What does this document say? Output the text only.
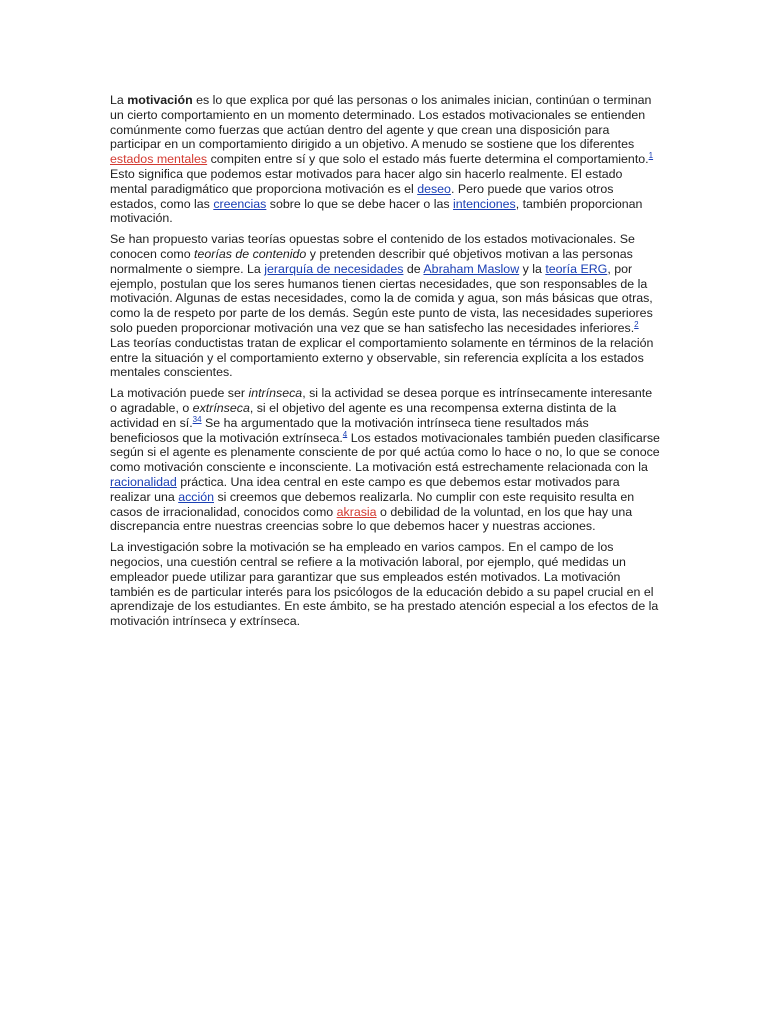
La motivación es lo que explica por qué las personas o los animales inician, continúan o terminan un cierto comportamiento en un momento determinado. Los estados motivacionales se entienden comúnmente como fuerzas que actúan dentro del agente y que crean una disposición para participar en un comportamiento dirigido a un objetivo. A menudo se sostiene que los diferentes estados mentales compiten entre sí y que solo el estado más fuerte determina el comportamiento.$^1$ Esto significa que podemos estar motivados para hacer algo sin hacerlo realmente. El estado mental paradigmático que proporciona motivación es el deseo. Pero puede que varios otros estados, como las creencias sobre lo que se debe hacer o las intenciones, también proporcionan motivación.

Se han propuesto varias teorías opuestas sobre el contenido de los estados motivacionales. Se conocen como teorías de contenido y pretenden describir qué objetivos motivan a las personas normalmente o siempre. La jerarquía de necesidades de Abraham Maslow y la teoría ERG, por ejemplo, postulan que los seres humanos tienen ciertas necesidades, que son responsables de la motivación. Algunas de estas necesidades, como la de comida y agua, son más básicas que otras, como la de respeto por parte de los demás. Según este punto de vista, las necesidades superiores solo pueden proporcionar motivación una vez que se han satisfecho las necesidades inferiores.$^2$ Las teorías conductistas tratan de explicar el comportamiento solamente en términos de la relación entre la situación y el comportamiento externo y observable, sin referencia explícita a los estados mentales conscientes.

La motivación puede ser intrínseca, si la actividad se desea porque es intrínsecamente interesante o agradable, o extrínseca, si el objetivo del agente es una recompensa externa distinta de la actividad en sí.$^{34}$ Se ha argumentado que la motivación intrínseca tiene resultados más beneficiosos que la motivación extrínseca.$^4$ Los estados motivacionales también pueden clasificarse según si el agente es plenamente consciente de por qué actúa como lo hace o no, lo que se conoce como motivación consciente e inconsciente. La motivación está estrechamente relacionada con la racionalidad práctica. Una idea central en este campo es que debemos estar motivados para realizar una acción si creemos que debemos realizarla. No cumplir con este requisito resulta en casos de irracionalidad, conocidos como akrasia o debilidad de la voluntad, en los que hay una discrepancia entre nuestras creencias sobre lo que debemos hacer y nuestras acciones.

La investigación sobre la motivación se ha empleado en varios campos. En el campo de los negocios, una cuestión central se refiere a la motivación laboral, por ejemplo, qué medidas un empleador puede utilizar para garantizar que sus empleados estén motivados. La motivación también es de particular interés para los psicólogos de la educación debido a su papel crucial en el aprendizaje de los estudiantes. En este ámbito, se ha prestado atención especial a los efectos de la motivación intrínseca y extrínseca.
